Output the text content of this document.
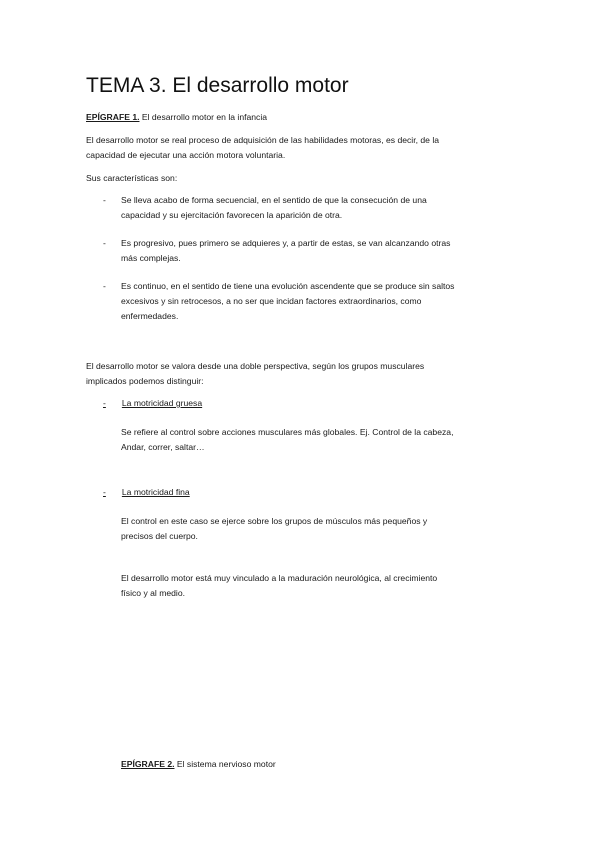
TEMA 3. El desarrollo motor

EPÍGRAFE 1. El desarrollo motor en la infancia

El desarrollo motor se real proceso de adquisición de las habilidades motoras, es decir, de la
capacidad de ejecutar una acción motora voluntaria.

Sus características son:

- Se lleva acabo de forma secuencial, en el sentido de que la consecución de una
capacidad y su ejercitación favorecen la aparición de otra.

- Es progresivo, pues primero se adquieres y, a partir de estas, se van alcanzando otras
más complejas.

- Es continuo, en el sentido de tiene una evolución ascendente que se produce sin saltos
excesivos y sin retrocesos, a no ser que incidan factores extraordinarios, como
enfermedades.

El desarrollo motor se valora desde una doble perspectiva, según los grupos musculares
implicados podemos distinguir:

- La motricidad gruesa

Se refiere al control sobre acciones musculares más globales. Ej. Control de la cabeza,
Andar, correr, saltar…

- La motricidad fina

El control en este caso se ejerce sobre los grupos de músculos más pequeños y
precisos del cuerpo.

El desarrollo motor está muy vinculado a la maduración neurológica, al crecimiento
físico y al medio.

EPÍGRAFE 2. El sistema nervioso motor
